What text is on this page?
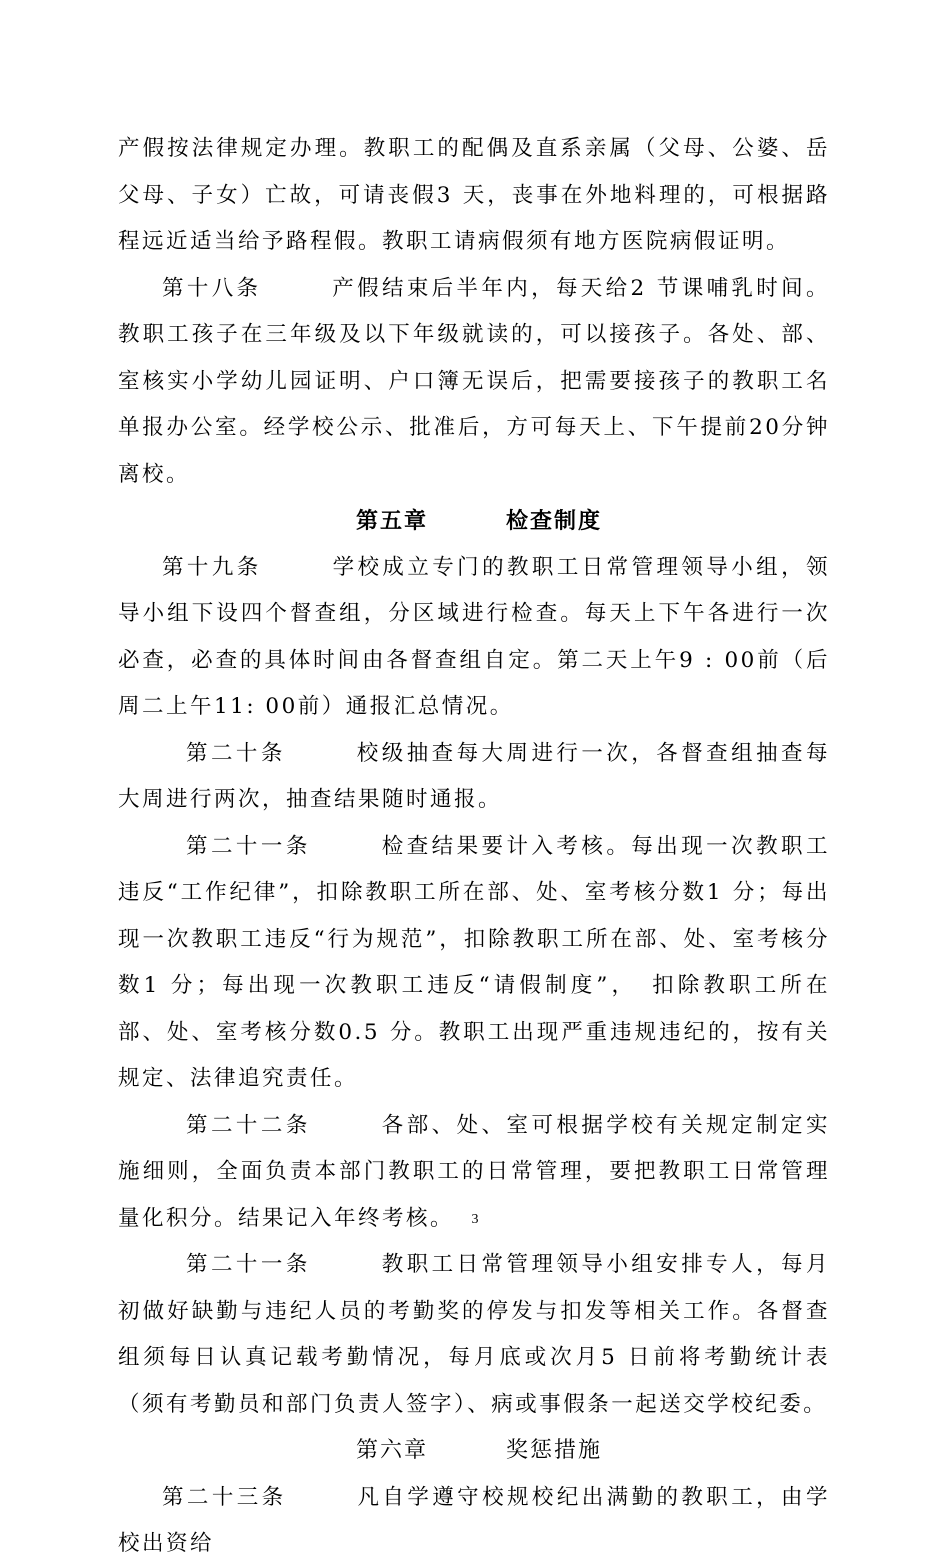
产假按法律规定办理。教职工的配偶及直系亲属（父母、公婆、岳父母、子女）亡故，可请丧假3 天，丧事在外地料理的，可根据路程远近适当给予路程假。教职工请病假须有地方医院病假证明。

第十八条	产假结束后半年内，每天给2 节课哺乳时间。教职工孩子在三年级及以下年级就读的，可以接孩子。各处、部、室核实小学幼儿园证明、户口簿无误后，把需要接孩子的教职工名单报办公室。经学校公示、批准后，方可每天上、下午提前20分钟离校。

第五章	检查制度

第十九条	学校成立专门的教职工日常管理领导小组，领导小组下设四个督查组，分区域进行检查。每天上下午各进行一次必查，必查的具体时间由各督查组自定。第二天上午9 : 00前（后周二上午11: 00前）通报汇总情况。

第二十条	校级抽查每大周进行一次，各督查组抽查每大周进行两次，抽查结果随时通报。

第二十一条	检查结果要计入考核。每出现一次教职工违反“工作纪律”，扣除教职工所在部、处、室考核分数1 分；每出现一次教职工违反“行为规范”，扣除教职工所在部、处、室考核分数1 分；每出现一次教职工违反“请假制度”，　扣除教职工所在部、处、室考核分数0.5 分。教职工出现严重违规违纪的，按有关规定、法律追究责任。

第二十二条	各部、处、室可根据学校有关规定制定实施细则，全面负责本部门教职工的日常管理，要把教职工日常管理量化积分。结果记入年终考核。

第二十一条	教职工日常管理领导小组安排专人，每月初做好缺勤与违纪人员的考勤奖的停发与扣发等相关工作。各督查组须每日认真记载考勤情况，每月底或次月5 日前将考勤统计表（须有考勤员和部门负责人签字）、病或事假条一起送交学校纪委。

第六章	奖惩措施

第二十三条	凡自学遵守校规校纪出满勤的教职工，由学校出资给

3
